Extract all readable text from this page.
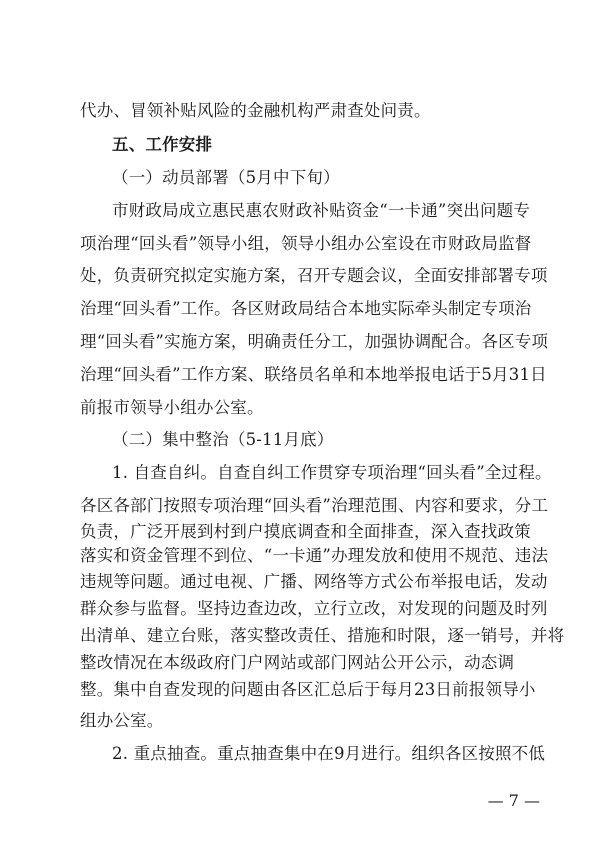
代办、冒领补贴风险的金融机构严肃查处问责。
五、工作安排
（一）动员部署（5月中下旬）
市财政局成立惠民惠农财政补贴资金“一卡通”突出问题专
项治理“回头看”领导小组，领导小组办公室设在市财政局监督
处，负责研究拟定实施方案，召开专题会议，全面安排部署专项
治理“回头看”工作。各区财政局结合本地实际牵头制定专项治
理“回头看”实施方案，明确责任分工，加强协调配合。各区专项
治理“回头看”工作方案、联络员名单和本地举报电话于5月31日
前报市领导小组办公室。
（二）集中整治（5-11月底）
1. 自查自纠。自查自纠工作贯穿专项治理“回头看”全过程。
各区各部门按照专项治理“回头看”治理范围、内容和要求，分工
负责，广泛开展到村到户摸底调查和全面排查，深入查找政策
落实和资金管理不到位、“一卡通”办理发放和使用不规范、违法
违规等问题。通过电视、广播、网络等方式公布举报电话，发动
群众参与监督。坚持边查边改，立行立改，对发现的问题及时列
出清单、建立台账，落实整改责任、措施和时限，逐一销号，并将
整改情况在本级政府门户网站或部门网站公开公示，动态调
整。集中自查发现的问题由各区汇总后于每月23日前报领导小
组办公室。
2. 重点抽查。重点抽查集中在9月进行。组织各区按照不低
— 7 —
